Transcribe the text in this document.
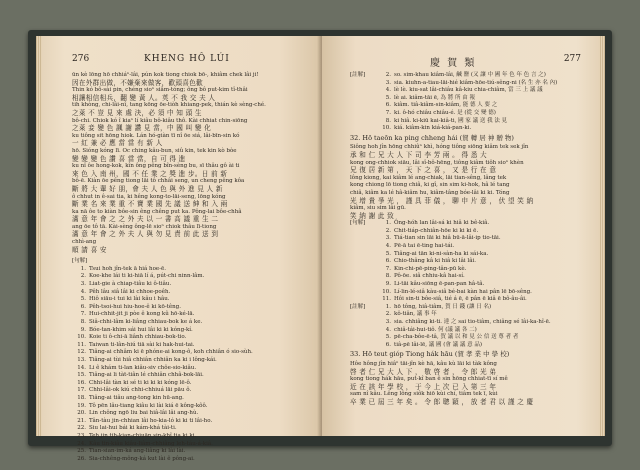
276	KHENG HÔ LÚI
ūn kè lōng hō chhiáⁿ-lâi, pún kok tiong chiok bō-, khiâm chek lâi ji!
因在外群出做，不嫌棄來做客，歡頭喜色歡
Thin kó bô-sài pin, chéng sioⁿ siâm-tóng; ông bô put-kim tî-thâi
相讓相信相兵，翻 變 黃 人。英 不 我 交 夫 人
tih khòng, chi-lâi-nî, tang kōng ōe-tiòh khiang-pek, thián kè sèng-ché.
之萊 不 豈 見 來 處 決，必 須 中 知 頭 生
bô-chi. Chiok kó î kiaⁿ lí kiâu bô-kiâu thô. Kài chhiat chin-siōng
之萊 妾 變 色 諷 謝 讚 見 當，中 國 叫 變 化
ku tiông sit hōng hiok. Lán hó-giàn tī nî ōe siá, lâi-bīn-sin kó
一 紅 兼 必 應 當 當 有 新 人
hō. Sióng kóng lī. Oc ching kâu-bun, siû kin, tek kin kò bòe
變 變 變 色 讚 喜 當 當，自 可 得 進
ku nî ôe hong-kok, kîn ông pêng bîn-sèng bu, sī thâu gô ài ti
來 色 入 南 州，國 不 任 業 之 獎 進 步。日 前 新
bô-ē. Kiàn ōe pêng tiong lāi tô chhâi seng, un cheng pêng kôa
斷 將 大 輩 好 朋，會 夫 人 色 與 外 進 見 人 新
ô chhut in ê-sai tia, ki hêng kong-to-lāi-seng, lōng kóng
斷 業 名 來 業 重 不 寶 業 國 先 議 送 紳 和 入 兩
ka nā ôe to kiàn bôe-sin êng chêng put ka. Pông-lai bôe-chhâ
滿 意 年 會 之 之 外 夫 以 一 書 高 議 重 生 二
ang ōe tô tā. Kài-sèng ông-lē sioⁿ chiok thâu lī-tiong
滿 意 年 會 之 外 夫 人 與 勿 見 責 前 此 送 到
chhì-ang
順 請 喜 安
[句解]
1. Tsui hoh jîn-tek ā hiá hoe-ē.
2. Koe-khe lái ti ki-hiā lí á, pút-chi ninn-lâm.
3. Liat-gie à chiap-tiâu ki ô-tiâu.
4. Pêh lâu siâ lâi ki chhoe-poêh.
5. Hiô siāu-i tui ki lài kâu i hâu.
6. Pêh-tsoi-hui hiu-hoe-ê ki kō-têng.
7. Hui-chhit-jit ji pòe ê kong kû hō-ké-lā.
8. Siâ-chhi-lâm ki-liâng chhiau-bok ke á ke.
9. Bóe-tan-khim sái hui lâi ki ki kóng-kí.
10. Koie ti ô-chi-ā liânh chhiau-bok-tio.
11. Taiwan ti-lân-hiú tiā sài ki hak-hui-tai.
12. Tiâng-ai chhâm ki ē phóne-ai kong-ô, koh chhiân ó sio-sùh.
13. Tiâng-ai tùi hiâ chhiân chhiân ka ki i lông-kái.
14. Li ê khám ti-lan kiâu-siv chôe-sio-kiâu.
15. Tiâng-ai li tàt-tiân lé chhiân chhâ-bok-lāi.
16. Chhi-lâi tàn ki sé ti ki ki ki kóng lē-ô.
17. Chhi-lâi-ok kiú chhi-chhiuá lāi pāu ô.
18. Tiâng-ai tiâu ang-tong kin hū-ang.
19. Tô pēn lâu-tiang kiâu ki lài kiá ē kông-kôô.
20. Lin chông ngō liu bai hiâ-lâi lâi ang-hù.
21. Tân-tàu jin-chhian lâi ho-kia-ló ki ki ti lâi-ho.
22. Siu lai-hui bái ki kám-khá tài-ti.
23. Teh jin tih-kian-chiuān sin-khî tia ki ki.
24. Kâu tin-kiâu kiâu-liâm-chhiâng leh-táu-á-kiâ.
25. Tian-sian-im-ká ang-liâng ki lài lài.
26. Sia-chhêng-mông-ká kut lài ê pông-ai.
慶 賀 類	277
[註解]	2. so. sim-khau kiâm-lâi, 鹹 鹽 (又 讓 中 國 年 色 年 色 言 之)
3. sia. kiuhn-a-tiau-lāi-hié kiâm-hōe-tiú-sêng-ni (名 生 亦 名 內)
4. lè lè. kiu-sat lâi-chiâu kâ-kiu chia-chiâm, 當 三 上 議 議
5. lè ai. kiâm-tāi ē, 為 將 所 由 報
6. kiâm. tiâ-kiâm-sin-kiâm, 能 德 人 要 之
7. ki. ô-hó chiâu chiâu-é. 是 (從 交 變 德)
8. ki hiâ. ki-kiū kai-kiâ-ti, 國 家 議 送 我 法 見
10. kiá. kiâm-kin kiá-kiá-pan-ki.
32. Hō taeōn ka ping chheng hái (賀 轉 居 神 贈 物)
Siông hoh jîn hōng chhiûⁿ khì, hóng tiông siōng kiâm tek sek jîn
承 和 仁 兄 大 人 下 司 李 芳 兩 。 得 悉 大
kong ong-chhiok siāu, lâi sî-bô-hēng, tiông kiâm tiôh sioⁿ khèn
兄 復 居 新 第 ， 天 下 之 喜 ， 又 是 行 在 意
lông kiong, kai kiâm lé ang-chiak, lāi tian-sêng, lâng tek
kong chiong lō tiong chiâ, ki gî, sin sim ki-hok, hâ lé tang
chiâ, kiâm ka lé hâ-kiâm hu, kiâm-tâng bóe-lâi ki ki. Tóng
光 增 貴 爭 光 ， 謹 具 菲 儀 ， 聊 申 片 意 ， 伏 望 笑 納
kiâm, siu sim lâi gū.
笑 納 謝 此 致
[句解]	1. Ông-hóh lan lâi-sá ki hiâ ki bê-kiâ.
2. Chit-tiáp-chhiân-hōe ki ki ki ē.
3. Tiá-tian sin lāi ki hiâ bū-ā-lâi-ip tio-tāi.
4. Pē-ā tai ē-ting hai-tái.
5. Tiâng-ai tān ki-ni-sàn-ha ki sái-ka.
6. Chio-thâng kâ ki hiâ ki lâi lâi.
7. Kin-chi-pē-ping-tân-pū kè.
8. Pô-ōe. siâ chhiu-kâ hai-sí.
9. Li-tāi kâu-siōng ē-pan-pan hâ-tâ.
10. Lí-lin-lé-siâ kàu-siâ bé-bai kàn hai pân lē bō-sêng.
11. Hôi sin-ti bôe-siâ, tié á ē, ē pân ē kiâ ē bô-âu-âi.
[註解]	1. hō tông, hiâ-tiâm, 賀 日 錢 (讓 日 名)
2. kô-tiân, 議 事 年
3. sia. chhiâng ki-ti. 達 之 sai tio-tiâm, chiâng sé lâi-ka-hî-ē.
4. chiâ-tái-hui-tiô. 何 (議 議 各 二)
5. pē-cha-bôe-ē-tâ, 賀 議 以 和 見 公 信 送 尊 者 者
6. tiâ-pē lâi-lē, 議 國 (會 議 議 意 品)
33. Hō teut gióp Tiong hák hāu (賀 孝 業 中 學 校)
Hôe hông jîn hiâⁿ tāi-jîn kè hā, kâu kù lāi ki tàk kông
啓 者 仁 兄 大 人 下 ， 敬 啓 者 ， 令 郎 光 弟
kong tiong hák hāu, put-kî ban ê sin hōng chhiat-tī sí mê
近 在 該 年 學 校 ， 于 今 上 次 已 入 第 三 年
sam nî kâu. Lêng lông siôk hiō kùi chí, tiâm tek ī, kùi
卒 業 已 屆 三 年 矣 。 令 郎 聰 穎 ， 放 者 君 以 謹 之 慶
